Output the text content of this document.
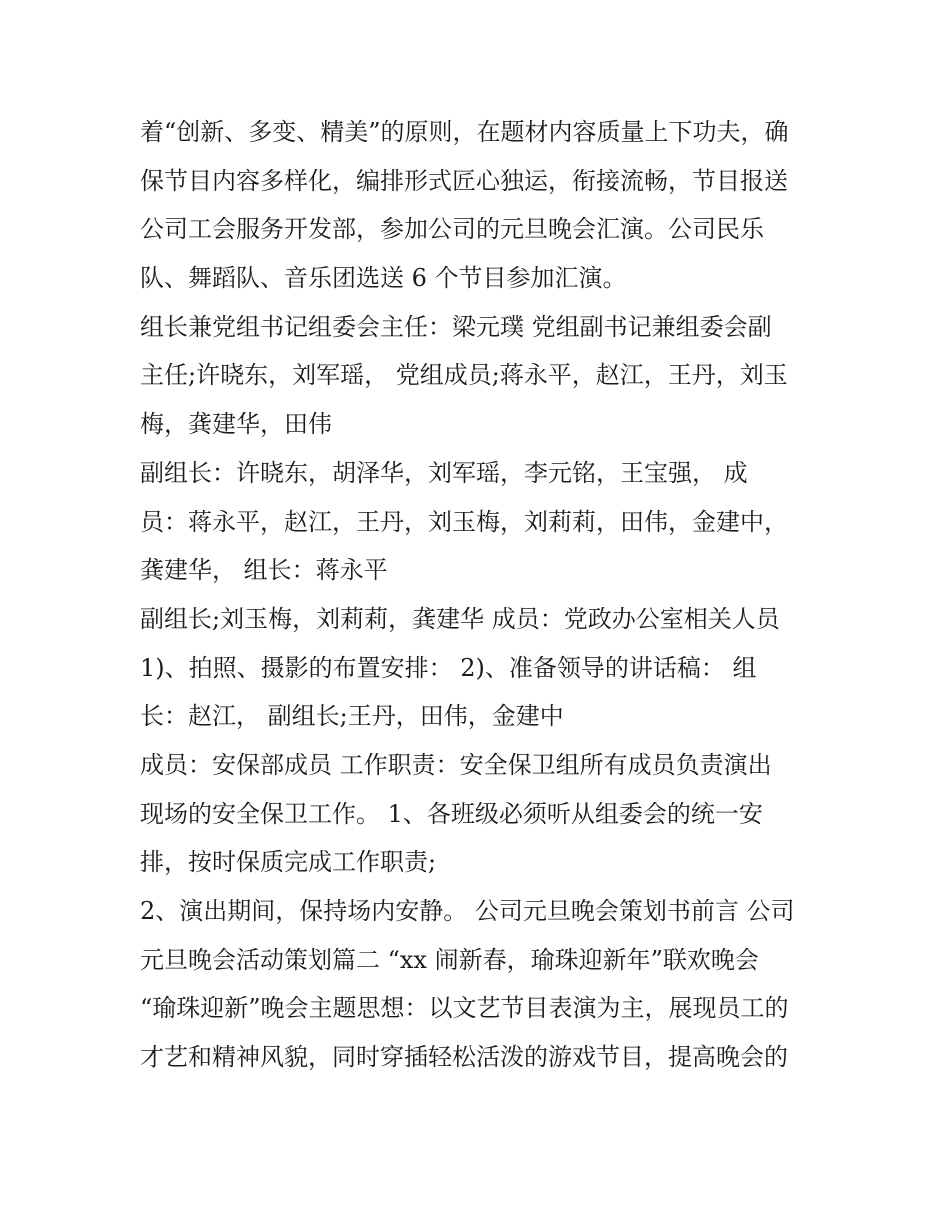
着“创新、多变、精美”的原则，在题材内容质量上下功夫，确
保节目内容多样化，编排形式匠心独运，衔接流畅，节目报送
公司工会服务开发部，参加公司的元旦晚会汇演。公司民乐
队、舞蹈队、音乐团选送 6 个节目参加汇演。
组长兼党组书记组委会主任：梁元璞 党组副书记兼组委会副
主任;许晓东，刘军瑶， 党组成员;蒋永平，赵江，王丹，刘玉
梅，龚建华，田伟
副组长：许晓东，胡泽华，刘军瑶，李元铭，王宝强， 成
员：蒋永平，赵江，王丹，刘玉梅，刘莉莉，田伟，金建中，
龚建华， 组长：蒋永平
副组长;刘玉梅，刘莉莉，龚建华 成员：党政办公室相关人员
1)、拍照、摄影的布置安排： 2)、准备领导的讲话稿： 组
长：赵江， 副组长;王丹，田伟，金建中
成员：安保部成员 工作职责：安全保卫组所有成员负责演出
现场的安全保卫工作。 1、各班级必须听从组委会的统一安
排，按时保质完成工作职责;
2、演出期间，保持场内安静。 公司元旦晚会策划书前言 公司
元旦晚会活动策划篇二 “xx 闹新春，瑜珠迎新年”联欢晚会
“瑜珠迎新”晚会主题思想：以文艺节目表演为主，展现员工的
才艺和精神风貌，同时穿插轻松活泼的游戏节目，提高晚会的
